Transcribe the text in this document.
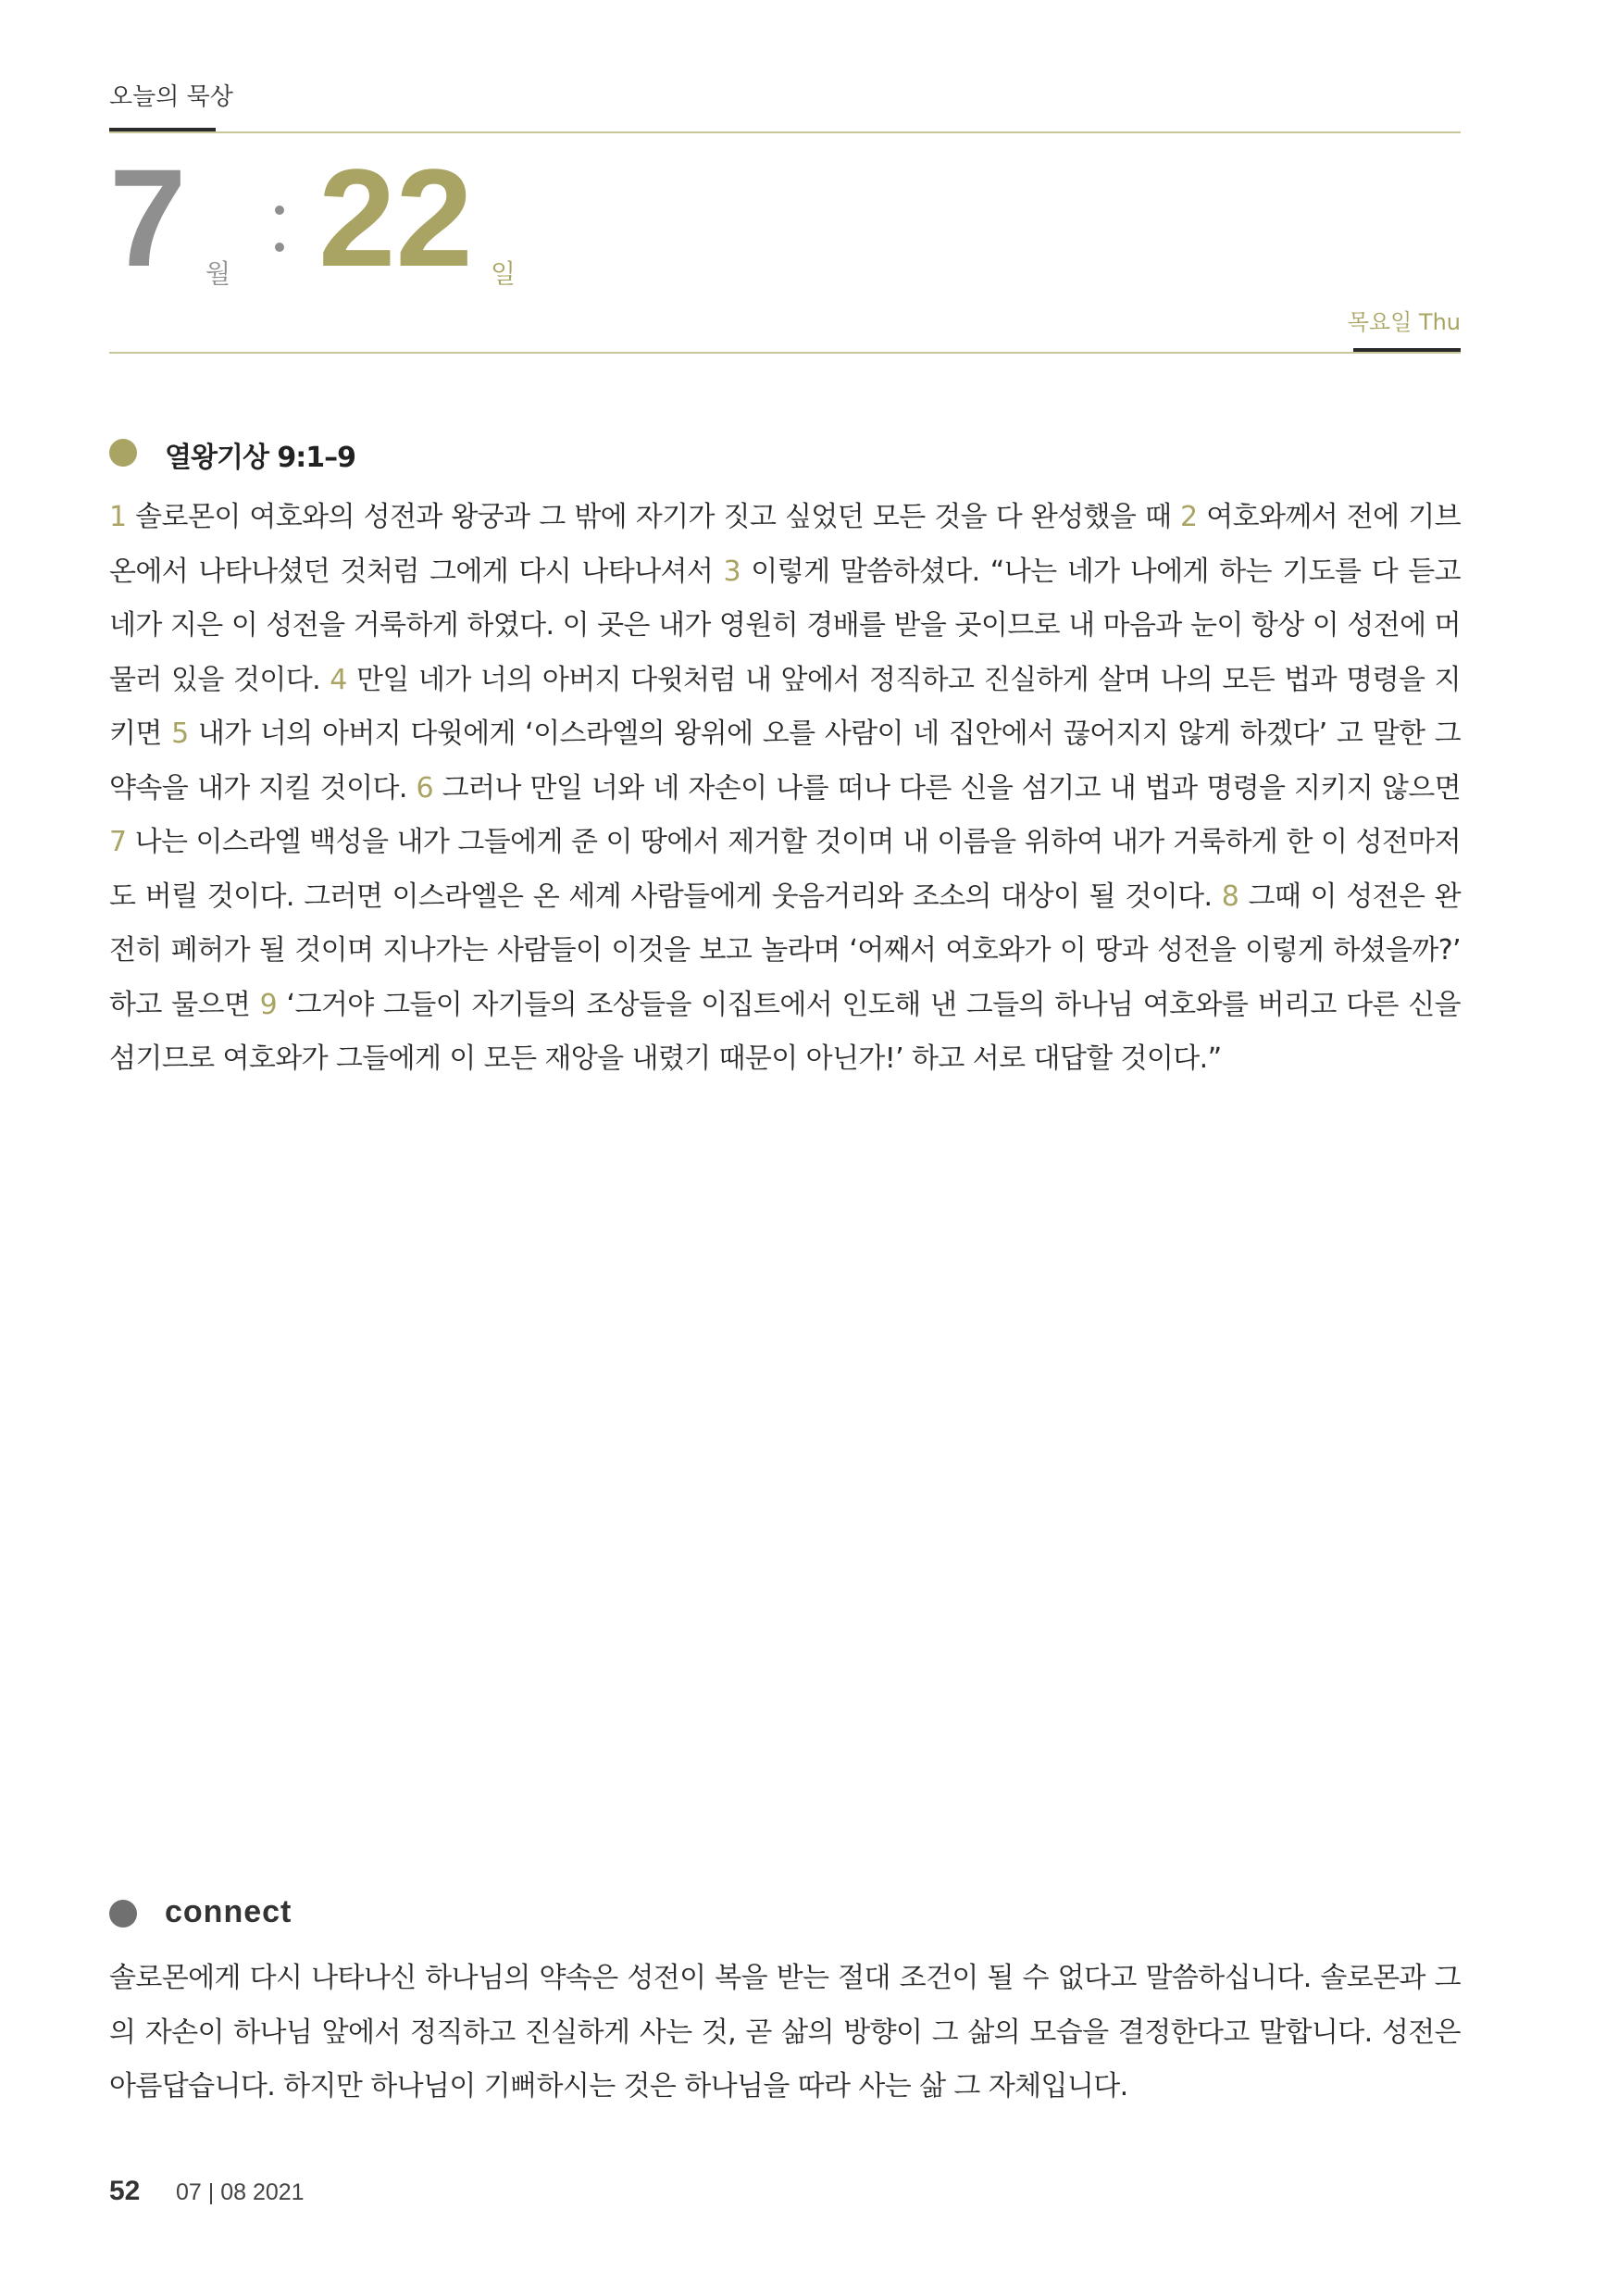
오늘의 묵상
7 월 22 일
목요일 Thu
열왕기상 9:1–9
1 솔로몬이 여호와의 성전과 왕궁과 그 밖에 자기가 짓고 싶었던 모든 것을 다 완성했을 때 2 여호와께서 전에 기브온에서 나타나셨던 것처럼 그에게 다시 나타나셔서 3 이렇게 말씀하셨다. “나는 네가 나에게 하는 기도를 다 듣고 네가 지은 이 성전을 거룩하게 하였다. 이 곳은 내가 영원히 경배를 받을 곳이므로 내 마음과 눈이 항상 이 성전에 머물러 있을 것이다. 4 만일 네가 너의 아버지 다윗처럼 내 앞에서 정직하고 진실하게 살며 나의 모든 법과 명령을 지키면 5 내가 너의 아버지 다윗에게 ‘이스라엘의 왕위에 오를 사람이 네 집안에서 끊어지지 않게 하겠다’ 고 말한 그 약속을 내가 지킬 것이다. 6 그러나 만일 너와 네 자손이 나를 떠나 다른 신을 섬기고 내 법과 명령을 지키지 않으면 7 나는 이스라엘 백성을 내가 그들에게 준 이 땅에서 제거할 것이며 내 이름을 위하여 내가 거룩하게 한 이 성전마저도 버릴 것이다. 그러면 이스라엘은 온 세계 사람들에게 웃음거리와 조소의 대상이 될 것이다. 8 그때 이 성전은 완전히 폐허가 될 것이며 지나가는 사람들이 이것을 보고 놀라며 ‘어째서 여호와가 이 땅과 성전을 이렇게 하셨을까?’ 하고 물으면 9 ‘그거야 그들이 자기들의 조상들을 이집트에서 인도해 낸 그들의 하나님 여호와를 버리고 다른 신을 섬기므로 여호와가 그들에게 이 모든 재앙을 내렸기 때문이 아닌가!’ 하고 서로 대답할 것이다.”
connect
솔로몬에게 다시 나타나신 하나님의 약속은 성전이 복을 받는 절대 조건이 될 수 없다고 말씀하십니다. 솔로몬과 그의 자손이 하나님 앞에서 정직하고 진실하게 사는 것, 곧 삶의 방향이 그 삶의 모습을 결정한다고 말합니다. 성전은 아름답습니다. 하지만 하나님이 기뻐하시는 것은 하나님을 따라 사는 삶 그 자체입니다.
52 07 | 08 2021
